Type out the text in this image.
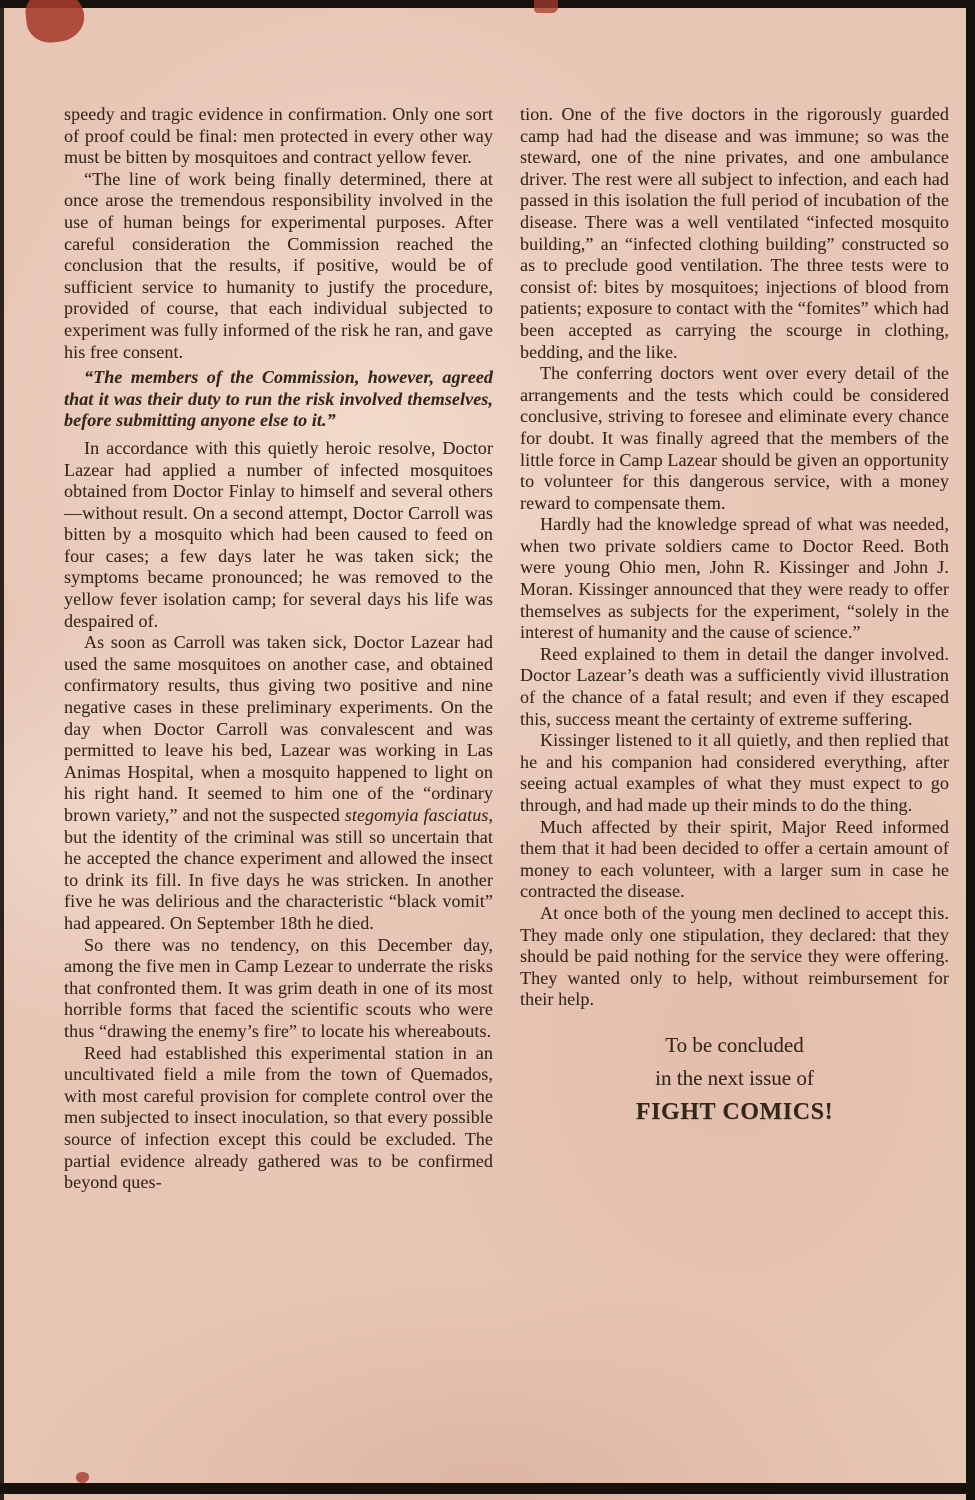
speedy and tragic evidence in confirmation. Only one sort of proof could be final: men protected in every other way must be bitten by mosquitoes and contract yellow fever.

“The line of work being finally determined, there at once arose the tremendous responsibility involved in the use of human beings for experimental purposes. After careful consideration the Commission reached the conclusion that the results, if positive, would be of sufficient service to humanity to justify the procedure, provided of course, that each individual subjected to experiment was fully informed of the risk he ran, and gave his free consent.

“The members of the Commission, however, agreed that it was their duty to run the risk involved themselves, before submitting anyone else to it.”

In accordance with this quietly heroic resolve, Doctor Lazear had applied a number of infected mosquitoes obtained from Doctor Finlay to himself and several others—without result. On a second attempt, Doctor Carroll was bitten by a mosquito which had been caused to feed on four cases; a few days later he was taken sick; the symptoms became pronounced; he was removed to the yellow fever isolation camp; for several days his life was despaired of.

As soon as Carroll was taken sick, Doctor Lazear had used the same mosquitoes on another case, and obtained confirmatory results, thus giving two positive and nine negative cases in these preliminary experiments. On the day when Doctor Carroll was convalescent and was permitted to leave his bed, Lazear was working in Las Animas Hospital, when a mosquito happened to light on his right hand. It seemed to him one of the “ordinary brown variety,” and not the suspected stegomyia fasciatus, but the identity of the criminal was still so uncertain that he accepted the chance experiment and allowed the insect to drink its fill. In five days he was stricken. In another five he was delirious and the characteristic “black vomit” had appeared. On September 18th he died.

So there was no tendency, on this December day, among the five men in Camp Lezear to underrate the risks that confronted them. It was grim death in one of its most horrible forms that faced the scientific scouts who were thus “drawing the enemy’s fire” to locate his whereabouts.

Reed had established this experimental station in an uncultivated field a mile from the town of Quemados, with most careful provision for complete control over the men subjected to insect inoculation, so that every possible source of infection except this could be excluded. The partial evidence already gathered was to be confirmed beyond ques-

tion. One of the five doctors in the rigorously guarded camp had had the disease and was immune; so was the steward, one of the nine privates, and one ambulance driver. The rest were all subject to infection, and each had passed in this isolation the full period of incubation of the disease. There was a well ventilated “infected mosquito building,” an “infected clothing building” constructed so as to preclude good ventilation. The three tests were to consist of: bites by mosquitoes; injections of blood from patients; exposure to contact with the “fomites” which had been accepted as carrying the scourge in clothing, bedding, and the like.

The conferring doctors went over every detail of the arrangements and the tests which could be considered conclusive, striving to foresee and eliminate every chance for doubt. It was finally agreed that the members of the little force in Camp Lazear should be given an opportunity to volunteer for this dangerous service, with a money reward to compensate them.

Hardly had the knowledge spread of what was needed, when two private soldiers came to Doctor Reed. Both were young Ohio men, John R. Kissinger and John J. Moran. Kissinger announced that they were ready to offer themselves as subjects for the experiment, “solely in the interest of humanity and the cause of science.”

Reed explained to them in detail the danger involved. Doctor Lazear’s death was a sufficiently vivid illustration of the chance of a fatal result; and even if they escaped this, success meant the certainty of extreme suffering.

Kissinger listened to it all quietly, and then replied that he and his companion had considered everything, after seeing actual examples of what they must expect to go through, and had made up their minds to do the thing.

Much affected by their spirit, Major Reed informed them that it had been decided to offer a certain amount of money to each volunteer, with a larger sum in case he contracted the disease.

At once both of the young men declined to accept this. They made only one stipulation, they declared: that they should be paid nothing for the service they were offering. They wanted only to help, without reimbursement for their help.

To be concluded
in the next issue of
FIGHT COMICS!
